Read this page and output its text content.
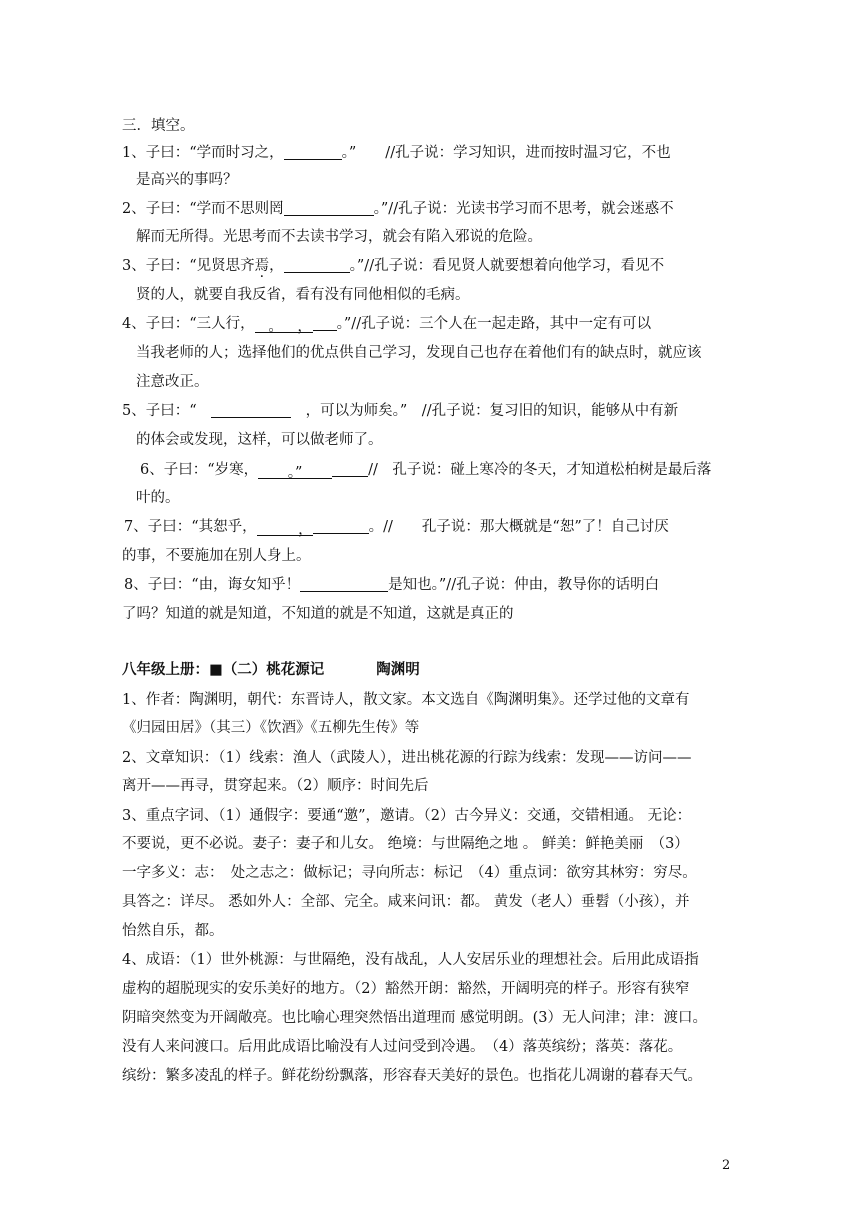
三．填空。
1、子曰：“学而时习之，	。”　　//孔子说：学习知识，进而按时温习它，不也
是高兴的事吗？
2、子曰：“学而不思则罔	。”//孔子说：光读书学习而不思考，就会迷惑不
解而无所得。光思考而不去读书学习，就会有陷入邪说的危险。
3、子曰：“见贤思齐焉，	。”//孔子说：看见贤人就要想着向他学习，看见不
贤的人，就要自我反省，看有没有同他相似的毛病。
4、子曰：“三人行， 。 ， 。”//孔子说：三个人在一起走路，其中一定有可以
当我老师的人；选择他们的优点供自己学习，发现自己也存在着他们有的缺点时，就应该
注意改正。
5、子曰：“　　	，可以为师矣。”　//孔子说：复习旧的知识，能够从中有新
的体会或发现，这样，可以做老师了。
6、子曰：“岁寒， 。”	//　孔子说：碰上寒冷的冬天，才知道松柏树是最后落
叶的。
7、子曰：“其恕乎，	，	。//　　孔子说：那大概就是“恕”了！自己讨厌
的事，不要施加在别人身上。
8、子曰：“由，诲女知乎！	是知也。”//孔子说：仲由，教导你的话明白
了吗？知道的就是知道，不知道的就是不知道，这就是真正的
八年级上册：■（二）桃花源记	陶渊明
1、作者：陶渊明，朝代：东晋诗人，散文家。本文选自《陶渊明集》。还学过他的文章有
《归园田居》（其三）《饮酒》《五柳先生传》等
2、文章知识：（1）线索：渔人（武陵人），进出桃花源的行踪为线索：发现——访问——
离开——再寻，贯穿起来。（2）顺序：时间先后
3、重点字词、（1）通假字：要通“邀”，邀请。（2）古今异义：交通，交错相通。 无论：
不要说，更不必说。妻子：妻子和儿女。 绝境：与世隔绝之地 。 鲜美：鲜艳美丽　（3）
一字多义：志：　处之志之：做标记；寻向所志：标记　（4）重点词：欲穷其林穷：穷尽。
具答之：详尽。 悉如外人：全部、完全。咸来问讯：都。 黄发（老人）垂髫（小孩），并
怡然自乐，都。
4、成语：（1）世外桃源：与世隔绝，没有战乱，人人安居乐业的理想社会。后用此成语指
虚构的超脱现实的安乐美好的地方。（2）豁然开朗：豁然，开阔明亮的样子。形容有狭窄
阴暗突然变为开阔敞亮。也比喻心理突然悟出道理而 感觉明朗。(3）无人问津；津：渡口。
没有人来问渡口。后用此成语比喻没有人过问受到冷遇。　（4）落英缤纷；落英：落花。
缤纷：繁多凌乱的样子。鲜花纷纷飘落，形容春天美好的景色。也指花儿凋谢的暮春天气。
2
